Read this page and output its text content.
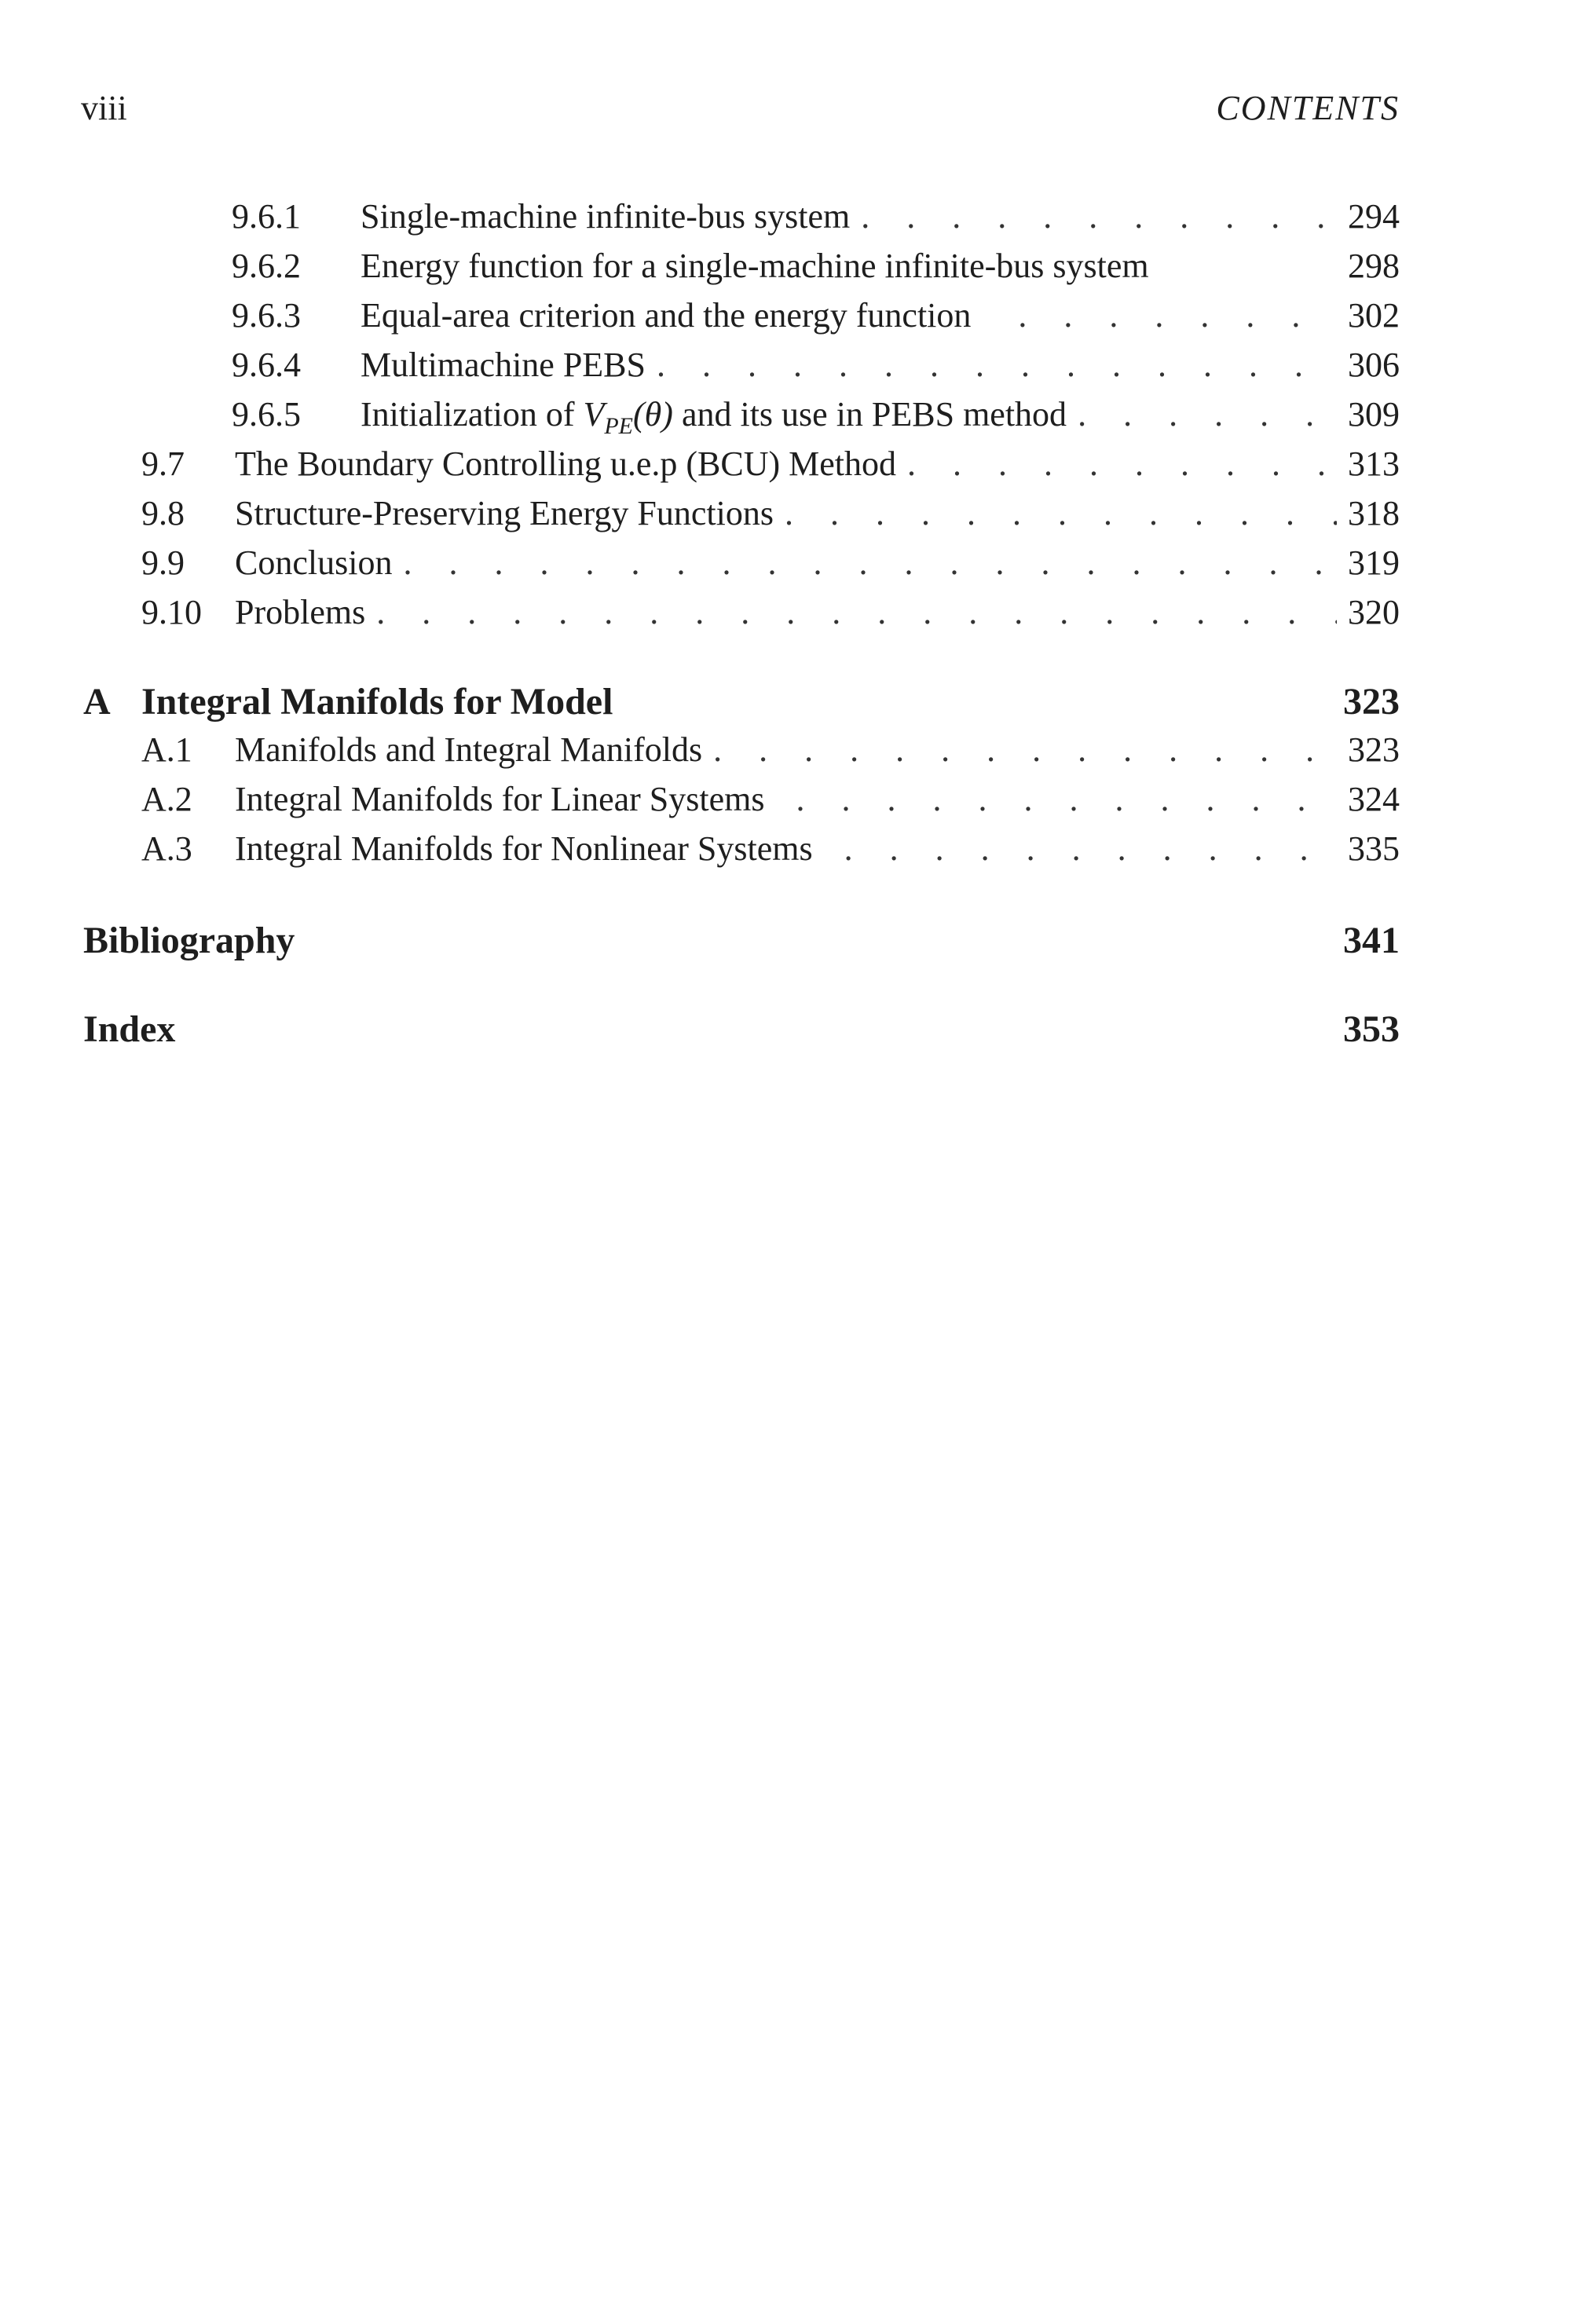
viii	CONTENTS
9.6.1 Single-machine infinite-bus system . . .	294
9.6.2 Energy function for a single-machine infinite-bus system	298
9.6.3 Equal-area criterion and the energy function . . .	302
9.6.4 Multimachine PEBS . . .	306
9.6.5 Initialization of $V_{PE}(\theta)$ and its use in PEBS method . . .	309
9.7 The Boundary Controlling u.e.p (BCU) Method . . .	313
9.8 Structure-Preserving Energy Functions . . .	318
9.9 Conclusion . . .	319
9.10 Problems . . .	320
A Integral Manifolds for Model	323
A.1 Manifolds and Integral Manifolds . . .	323
A.2 Integral Manifolds for Linear Systems . . .	324
A.3 Integral Manifolds for Nonlinear Systems . . .	335
Bibliography	341
Index	353
